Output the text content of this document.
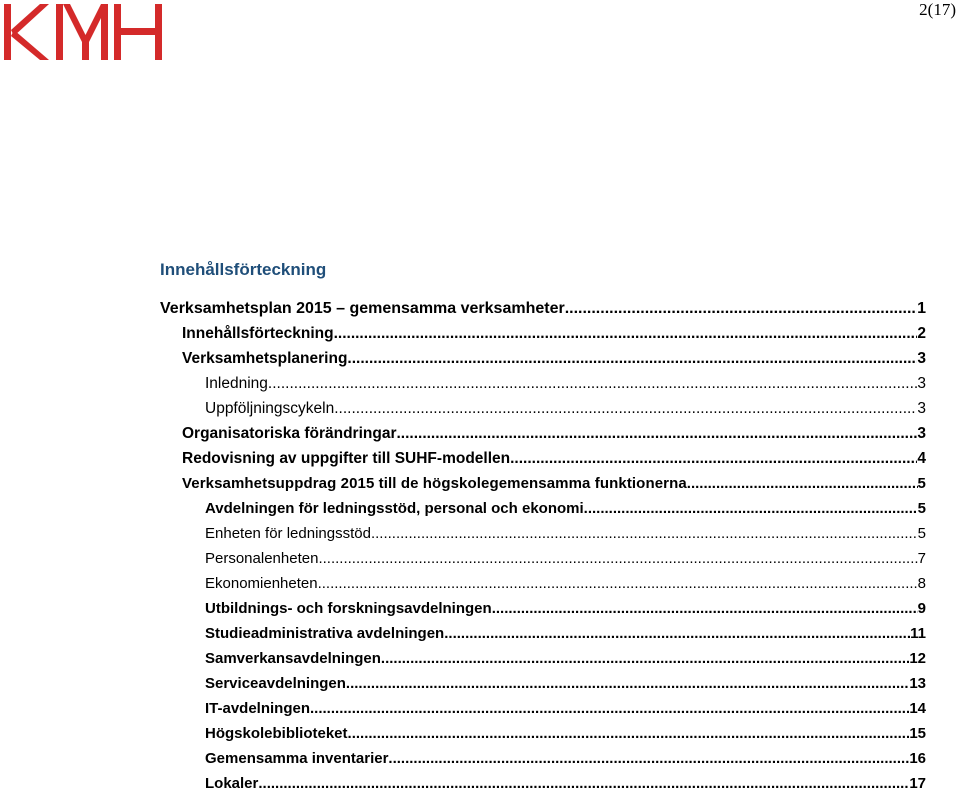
2(17)
Innehållsförteckning
Verksamhetsplan 2015 – gemensamma verksamheter .....	1
Innehållsförteckning .....	2
Verksamhetsplanering .....	3
Inledning .....	3
Uppföljningscykeln .....	3
Organisatoriska förändringar .....	3
Redovisning av uppgifter till SUHF-modellen .....	4
Verksamhetsuppdrag 2015 till de högskolegemensamma funktionerna .....	5
Avdelningen för ledningsstöd, personal och ekonomi .....	5
Enheten för ledningsstöd .....	5
Personalenheten .....	7
Ekonomienheten .....	8
Utbildnings- och forskningsavdelningen .....	9
Studieadministrativa avdelningen .....	11
Samverkansavdelningen .....	12
Serviceavdelningen .....	13
IT-avdelningen .....	14
Högskolebiblioteket .....	15
Gemensamma inventarier .....	16
Lokaler .....	17
